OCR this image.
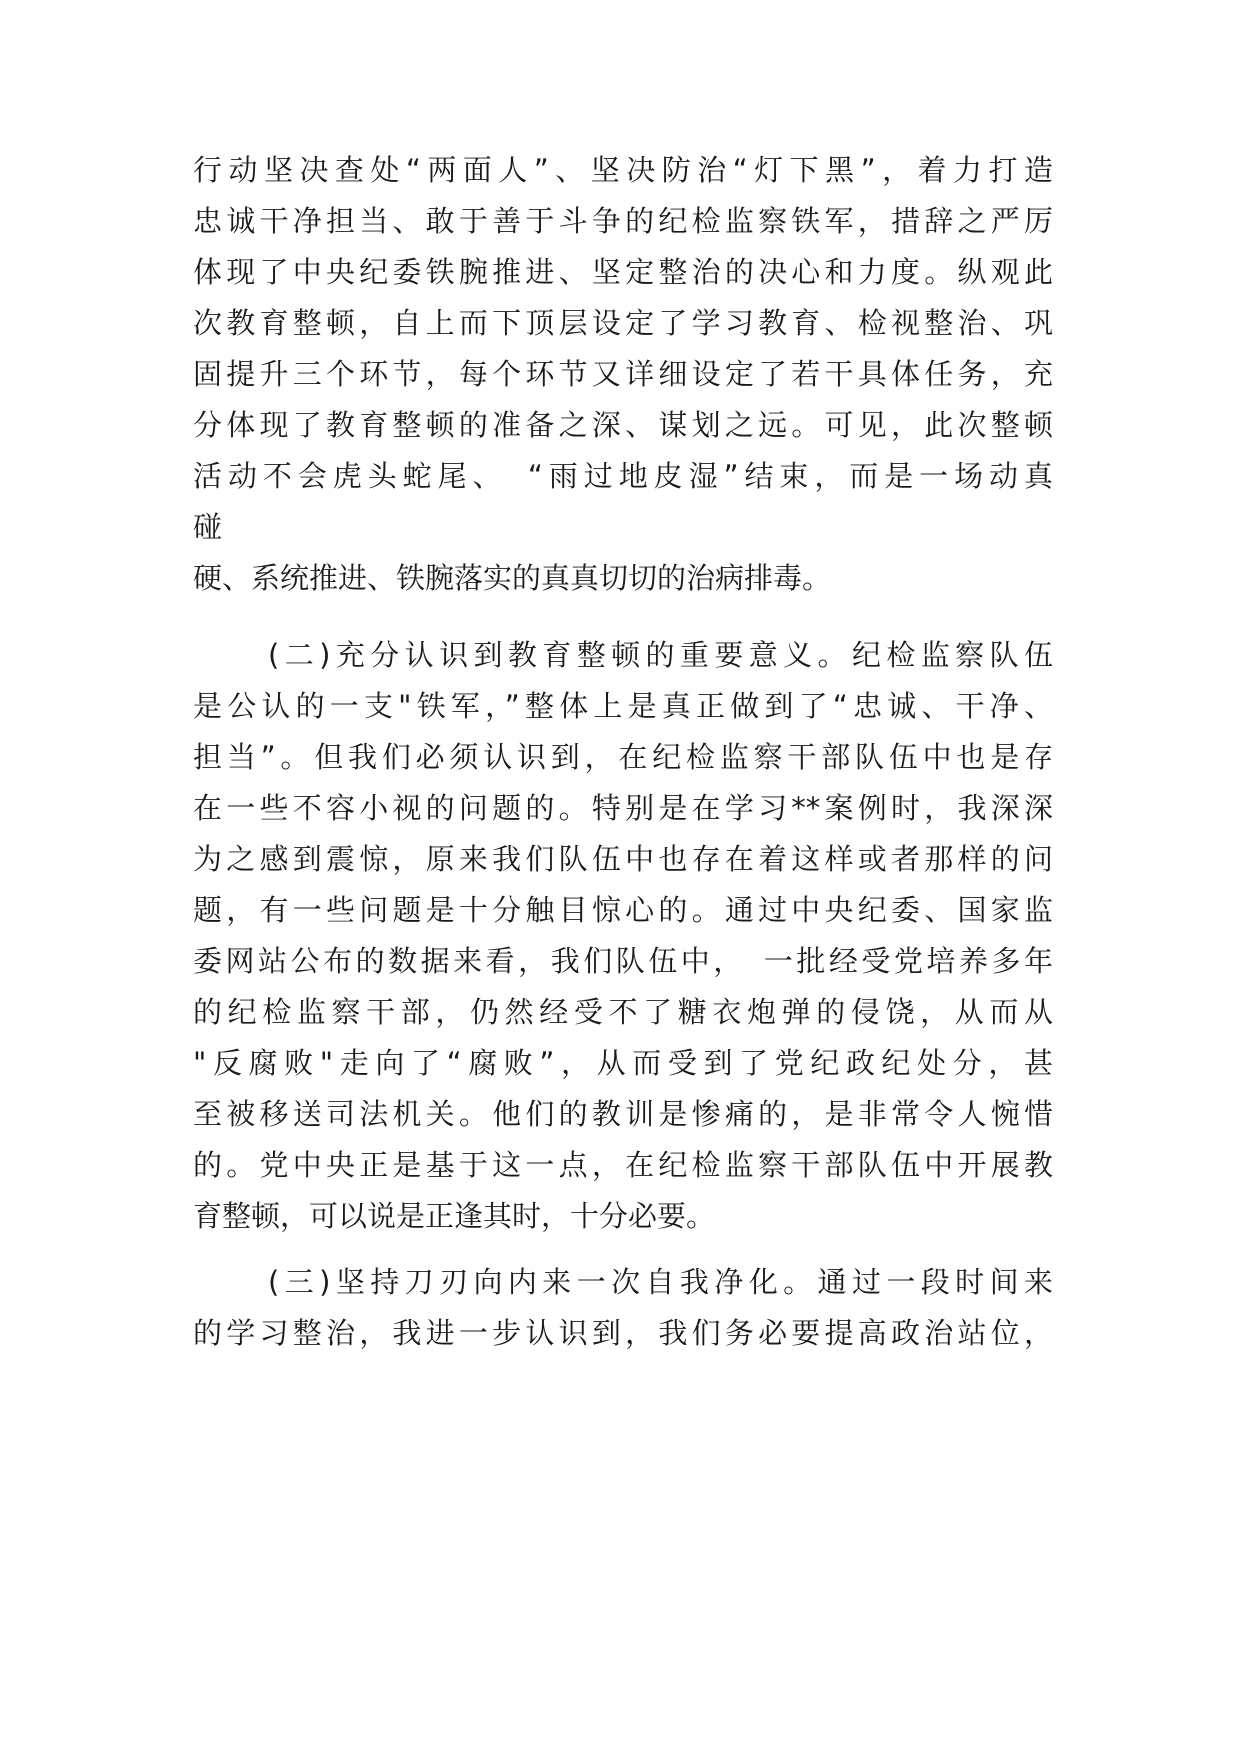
行动坚决查处“两面人”、坚决防治“灯下黑”，着力打造
忠诚干净担当、敢于善于斗争的纪检监察铁军，措辞之严厉
体现了中央纪委铁腕推进、坚定整治的决心和力度。纵观此
次教育整顿，自上而下顶层设定了学习教育、检视整治、巩
固提升三个环节，每个环节又详细设定了若干具体任务，充
分体现了教育整顿的准备之深、谋划之远。可见，此次整顿
活动不会虎头蛇尾、　“雨过地皮湿”结束，而是一场动真
碰
硬、系统推进、铁腕落实的真真切切的治病排毒。
(二)充分认识到教育整顿的重要意义。纪检监察队伍
是公认的一支"铁军，”整体上是真正做到了“忠诚、干净、
担当”。但我们必须认识到，在纪检监察干部队伍中也是存
在一些不容小视的问题的。特别是在学习**案例时，我深深
为之感到震惊，原来我们队伍中也存在着这样或者那样的问
题，有一些问题是十分触目惊心的。通过中央纪委、国家监
委网站公布的数据来看，我们队伍中，　一批经受党培养多年
的纪检监察干部，仍然经受不了糖衣炮弹的侵饶，从而从
"反腐败"走向了“腐败”，从而受到了党纪政纪处分，甚
至被移送司法机关。他们的教训是惨痛的，是非常令人惋惜
的。党中央正是基于这一点，在纪检监察干部队伍中开展教
育整顿，可以说是正逢其时，十分必要。
(三)坚持刀刃向内来一次自我净化。通过一段时间来
的学习整治，我进一步认识到，我们务必要提高政治站位，
